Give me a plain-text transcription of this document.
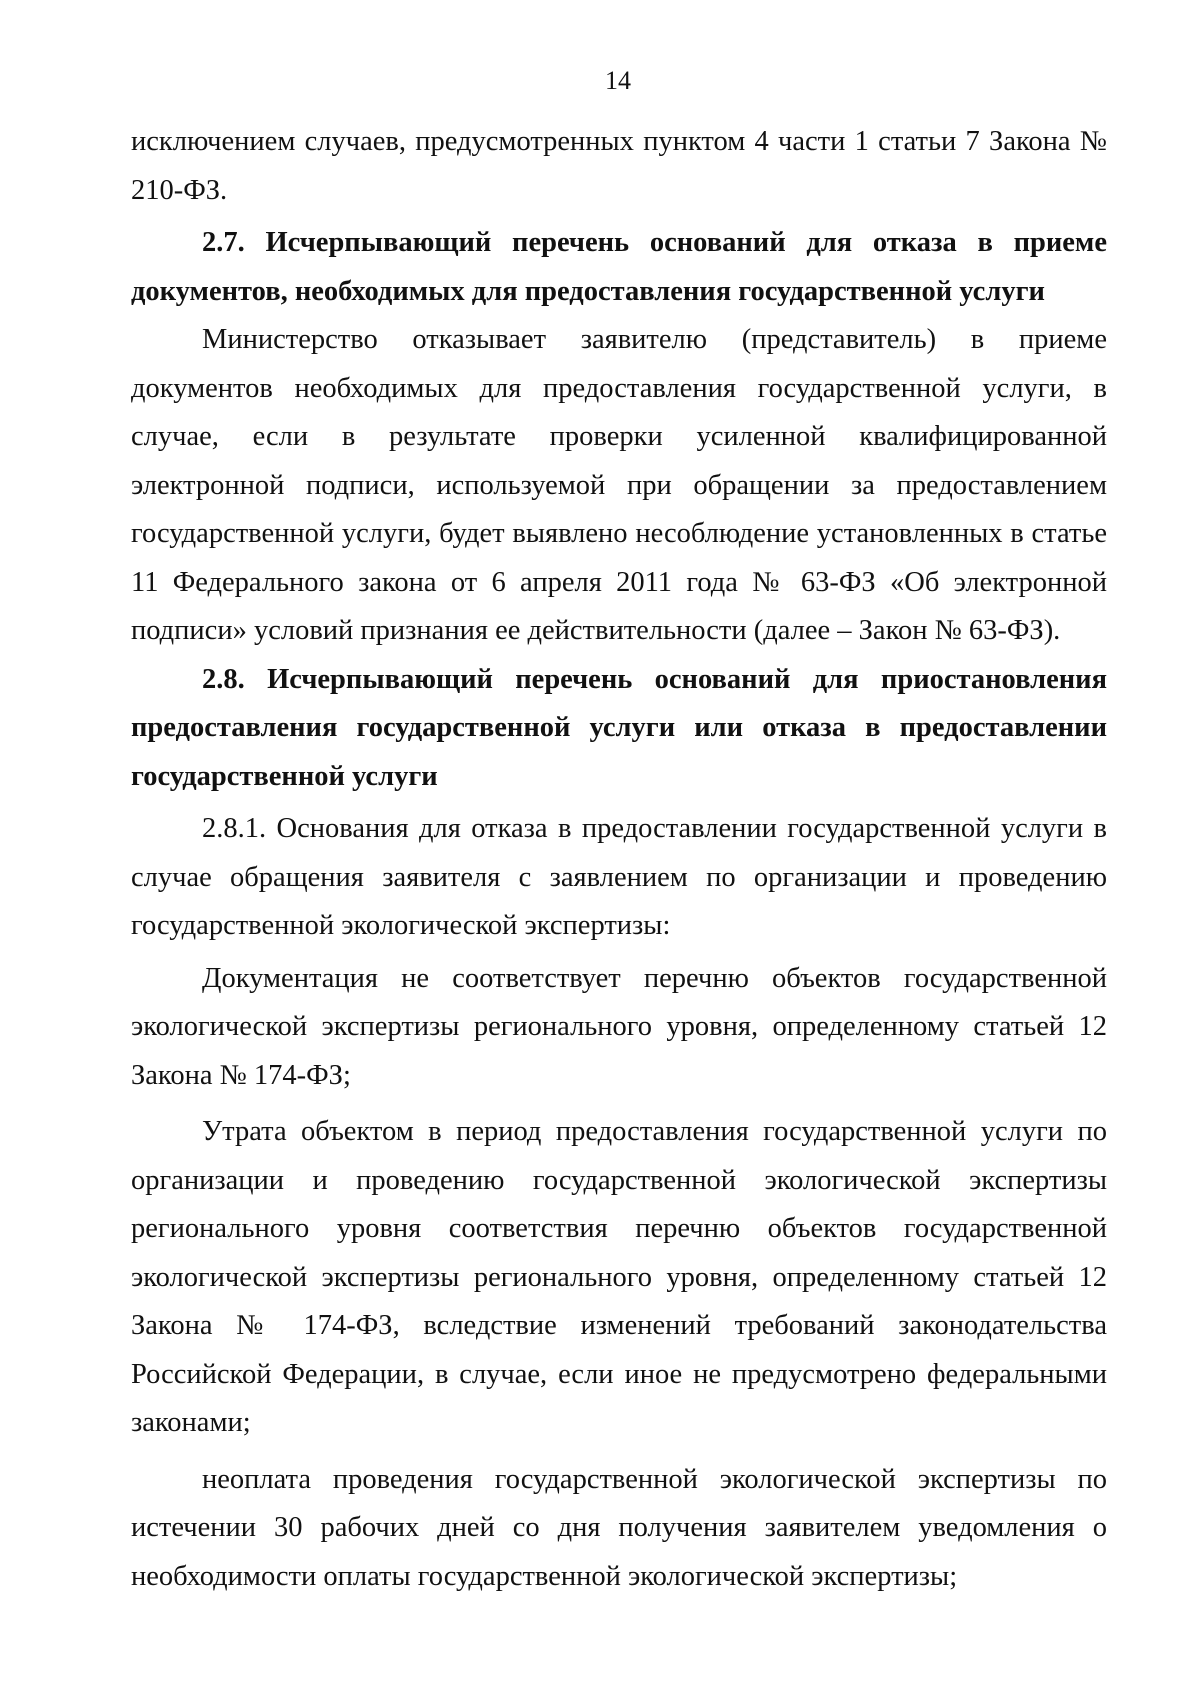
14

исключением случаев, предусмотренных пунктом 4 части 1 статьи 7 Закона № 210-ФЗ.

2.7. Исчерпывающий перечень оснований для отказа в приеме документов, необходимых для предоставления государственной услуги

Министерство отказывает заявителю (представитель) в приеме документов необходимых для предоставления государственной услуги, в случае, если в результате проверки усиленной квалифицированной электронной подписи, используемой при обращении за предоставлением государственной услуги, будет выявлено несоблюдение установленных в статье 11 Федерального закона от 6 апреля 2011 года № 63-ФЗ «Об электронной подписи» условий признания ее действительности (далее – Закон № 63-ФЗ).

2.8. Исчерпывающий перечень оснований для приостановления предоставления государственной услуги или отказа в предоставлении государственной услуги

2.8.1. Основания для отказа в предоставлении государственной услуги в случае обращения заявителя с заявлением по организации и проведению государственной экологической экспертизы:

Документация не соответствует перечню объектов государственной экологической экспертизы регионального уровня, определенному статьей 12 Закона № 174-ФЗ;

Утрата объектом в период предоставления государственной услуги по организации и проведению государственной экологической экспертизы регионального уровня соответствия перечню объектов государственной экологической экспертизы регионального уровня, определенному статьей 12 Закона № 174-ФЗ, вследствие изменений требований законодательства Российской Федерации, в случае, если иное не предусмотрено федеральными законами;

неоплата проведения государственной экологической экспертизы по истечении 30 рабочих дней со дня получения заявителем уведомления о необходимости оплаты государственной экологической экспертизы;
